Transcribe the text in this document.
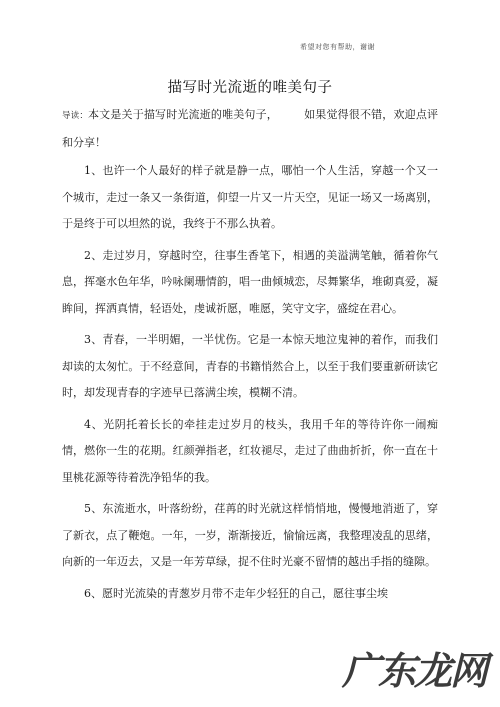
希望对您有帮助，谢谢
描写时光流逝的唯美句子

导读：本文是关于描写时光流逝的唯美句子， 如果觉得很不错，欢迎点评和分享！

1、也许一个人最好的样子就是静一点，哪怕一个人生活，穿越一个又一个城市，走过一条又一条街道，仰望一片又一片天空，见证一场又一场离别，于是终于可以坦然的说，我终于不那么执着。

2、走过岁月，穿越时空，往事生香笔下，相遇的美溢满笔触，循着你气息，挥毫水色年华，吟咏阑珊情韵，唱一曲倾城恋，尽舞繁华，堆砌真爱，凝眸间，挥洒真情，轻语处，虔诚祈愿，唯愿，笑守文字，盛绽在君心。

3、青春，一半明媚，一半忧伤。它是一本惊天地泣鬼神的着作，而我们却读的太匆忙。于不经意间，青春的书籍悄然合上，以至于我们要重新研读它时，却发现青春的字迹早已落满尘埃，模糊不清。

4、光阴托着长长的牵挂走过岁月的枝头，我用千年的等待许你一闹痴情，燃你一生的花期。红颜弹指老，红妆褪尽，走过了曲曲折折，你一直在十里桃花源等待着洗净铅华的我。

5、东流逝水，叶落纷纷，荏苒的时光就这样悄悄地，慢慢地消逝了，穿了新衣，点了鞭炮。一年，一岁，渐渐接近，愉愉远离，我整理凌乱的思绪，向新的一年迈去，又是一年芳草绿，捉不住时光豪不留情的越出手指的缝隙。

6、愿时光流染的青葱岁月带不走年少轻狂的自己，愿往事尘埃

广东龙网
